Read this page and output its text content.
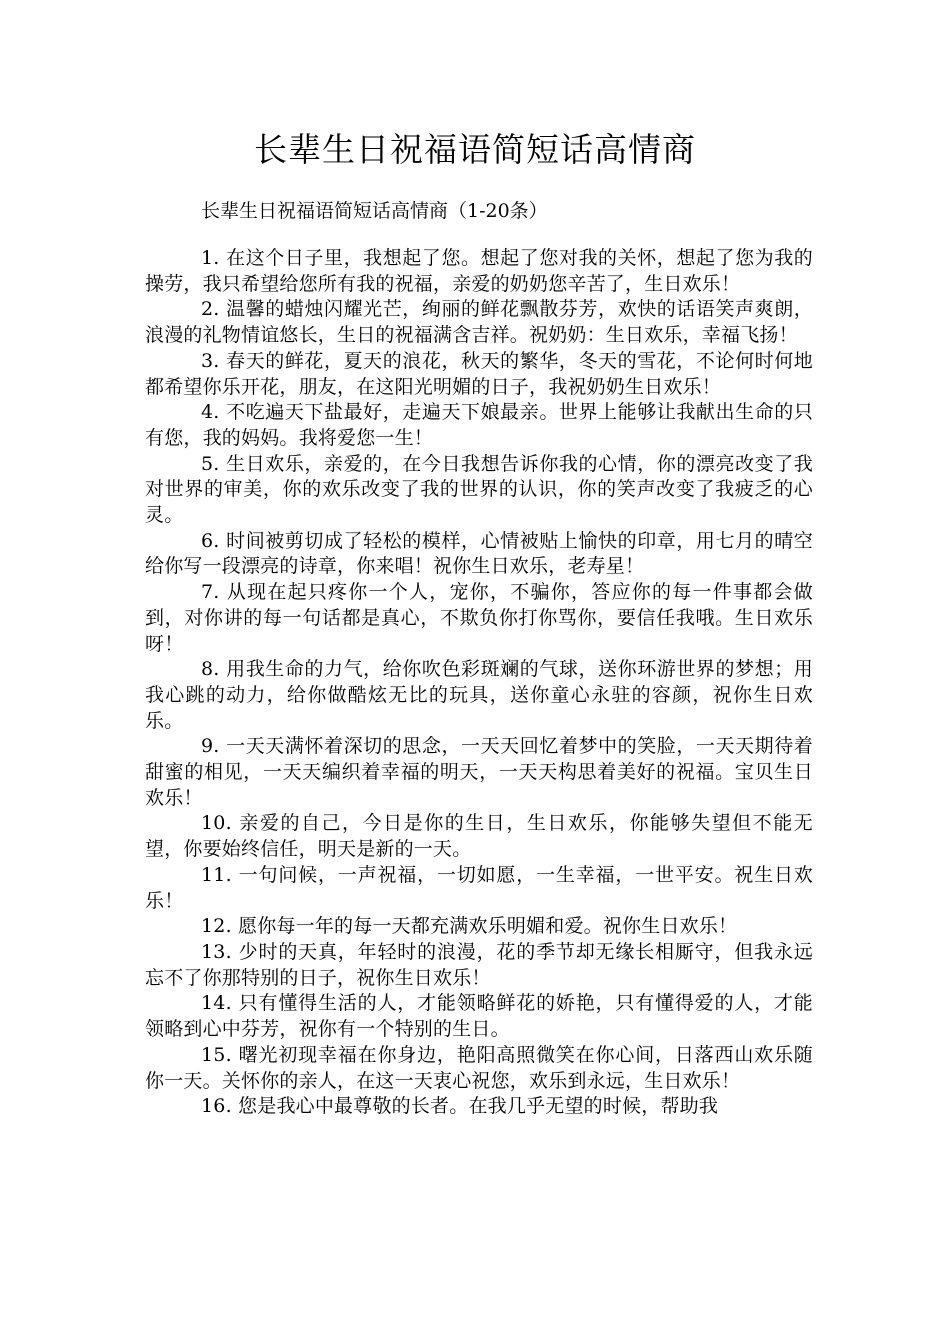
长辈生日祝福语简短话高情商

长辈生日祝福语简短话高情商（1-20条）

1. 在这个日子里，我想起了您。想起了您对我的关怀，想起了您为我的操劳，我只希望给您所有我的祝福，亲爱的奶奶您辛苦了，生日欢乐！

2. 温馨的蜡烛闪耀光芒，绚丽的鲜花飘散芬芳，欢快的话语笑声爽朗，浪漫的礼物情谊悠长，生日的祝福满含吉祥。祝奶奶：生日欢乐，幸福飞扬！

3. 春天的鲜花，夏天的浪花，秋天的繁华，冬天的雪花，不论何时何地都希望你乐开花，朋友，在这阳光明媚的日子，我祝奶奶生日欢乐！

4. 不吃遍天下盐最好，走遍天下娘最亲。世界上能够让我献出生命的只有您，我的妈妈。我将爱您一生！

5. 生日欢乐，亲爱的，在今日我想告诉你我的心情，你的漂亮改变了我对世界的审美，你的欢乐改变了我的世界的认识，你的笑声改变了我疲乏的心灵。

6. 时间被剪切成了轻松的模样，心情被贴上愉快的印章，用七月的晴空给你写一段漂亮的诗章，你来唱！祝你生日欢乐，老寿星！

7. 从现在起只疼你一个人，宠你，不骗你，答应你的每一件事都会做到，对你讲的每一句话都是真心，不欺负你打你骂你，要信任我哦。生日欢乐呀！

8. 用我生命的力气，给你吹色彩斑斓的气球，送你环游世界的梦想；用我心跳的动力，给你做酷炫无比的玩具，送你童心永驻的容颜，祝你生日欢乐。

9. 一天天满怀着深切的思念，一天天回忆着梦中的笑脸，一天天期待着甜蜜的相见，一天天编织着幸福的明天，一天天构思着美好的祝福。宝贝生日欢乐！

10. 亲爱的自己，今日是你的生日，生日欢乐，你能够失望但不能无望，你要始终信任，明天是新的一天。

11. 一句问候，一声祝福，一切如愿，一生幸福，一世平安。祝生日欢乐！

12. 愿你每一年的每一天都充满欢乐明媚和爱。祝你生日欢乐！

13. 少时的天真，年轻时的浪漫，花的季节却无缘长相厮守，但我永远忘不了你那特别的日子，祝你生日欢乐！

14. 只有懂得生活的人，才能领略鲜花的娇艳，只有懂得爱的人，才能领略到心中芬芳，祝你有一个特别的生日。

15. 曙光初现幸福在你身边，艳阳高照微笑在你心间，日落西山欢乐随你一天。关怀你的亲人，在这一天衷心祝您，欢乐到永远，生日欢乐！

16. 您是我心中最尊敬的长者。在我几乎无望的时候，帮助我
